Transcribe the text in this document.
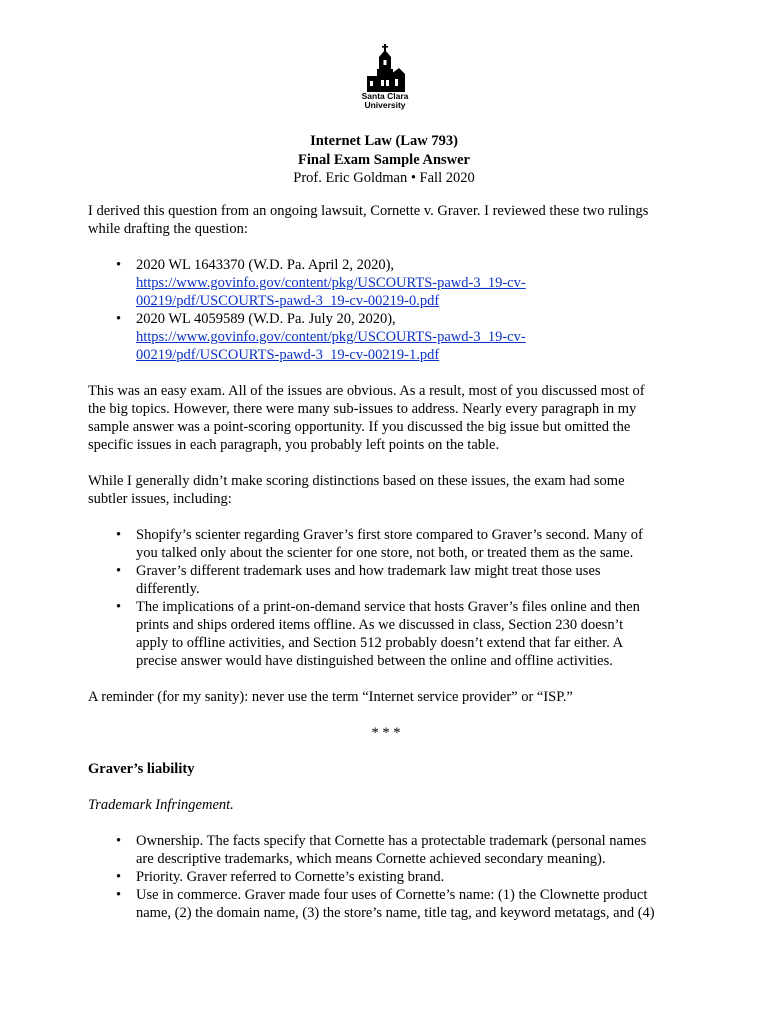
Santa Clara
University
Internet Law (Law 793)
Final Exam Sample Answer
Prof. Eric Goldman • Fall 2020

I derived this question from an ongoing lawsuit, Cornette v. Graver. I reviewed these two rulings
while drafting the question:

• 2020 WL 1643370 (W.D. Pa. April 2, 2020),
https://www.govinfo.gov/content/pkg/USCOURTS-pawd-3_19-cv-
00219/pdf/USCOURTS-pawd-3_19-cv-00219-0.pdf
• 2020 WL 4059589 (W.D. Pa. July 20, 2020),
https://www.govinfo.gov/content/pkg/USCOURTS-pawd-3_19-cv-
00219/pdf/USCOURTS-pawd-3_19-cv-00219-1.pdf

This was an easy exam. All of the issues are obvious. As a result, most of you discussed most of
the big topics. However, there were many sub-issues to address. Nearly every paragraph in my
sample answer was a point-scoring opportunity. If you discussed the big issue but omitted the
specific issues in each paragraph, you probably left points on the table.

While I generally didn’t make scoring distinctions based on these issues, the exam had some
subtler issues, including:

• Shopify’s scienter regarding Graver’s first store compared to Graver’s second. Many of
you talked only about the scienter for one store, not both, or treated them as the same.
• Graver’s different trademark uses and how trademark law might treat those uses
differently.
• The implications of a print-on-demand service that hosts Graver’s files online and then
prints and ships ordered items offline. As we discussed in class, Section 230 doesn’t
apply to offline activities, and Section 512 probably doesn’t extend that far either. A
precise answer would have distinguished between the online and offline activities.

A reminder (for my sanity): never use the term “Internet service provider” or “ISP.”

* * *

Graver’s liability

Trademark Infringement.

• Ownership. The facts specify that Cornette has a protectable trademark (personal names
are descriptive trademarks, which means Cornette achieved secondary meaning).
• Priority. Graver referred to Cornette’s existing brand.
• Use in commerce. Graver made four uses of Cornette’s name: (1) the Clownette product
name, (2) the domain name, (3) the store’s name, title tag, and keyword metatags, and (4)
